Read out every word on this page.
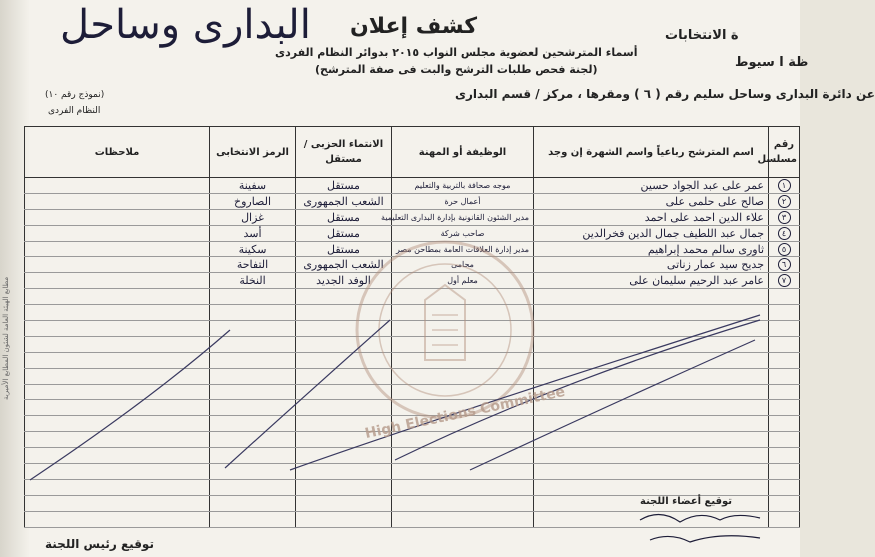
البدارى وساحل كشف إعلان
أسماء المترشحين لعضوية مجلس النواب ٢٠١٥ بدوائر النظام الفردى
(لجنة فحص طلبات الترشح والبت فى صفة المترشح)
عن دائرة البدارى وساحل سليم رقم ( ٦ ) ومقرها ، مركز / قسم البدارى
ة الانتخابات
ظة ا سيوط
(نموذج رقم ١٠)
النظام الفردى
رقم مسلسل	اسم المترشح رباعياً واسم الشهرة إن وجد	الوظيفة أو المهنة	الانتماء الحزبى / مستقل	الرمز الانتخابى	ملاحظات
١	عمر على عبد الجواد حسين	موجه صحافة بالتربية والتعليم	مستقل	سفينة	
٢	صالح على حلمى على	أعمال حرة	الشعب الجمهورى	الصاروخ	
٣	علاء الدين احمد على احمد	مدير الشئون القانونية بإدارة البدارى التعليمية	مستقل	غزال	
٤	جمال عبد اللطيف جمال الدين فخرالدين	صاحب شركة	مستقل	أسد	
٥	ثاورى سالم محمد إبراهيم	مدير إدارة العلاقات العامة بمطاحن مصر	مستقل	سكينة	
٦	جديح سيد عمار زناتى	محامى	الشعب الجمهورى	التفاحة	
٧	عامر عبد الرحيم سليمان على	معلم أول	الوفد الجديد	النخلة	

High Elections Committee
توقيع أعضاء اللجنة
توقيع رئيس اللجنة
مطابع الهيئة العامة لشئون المطابع الأميرية
